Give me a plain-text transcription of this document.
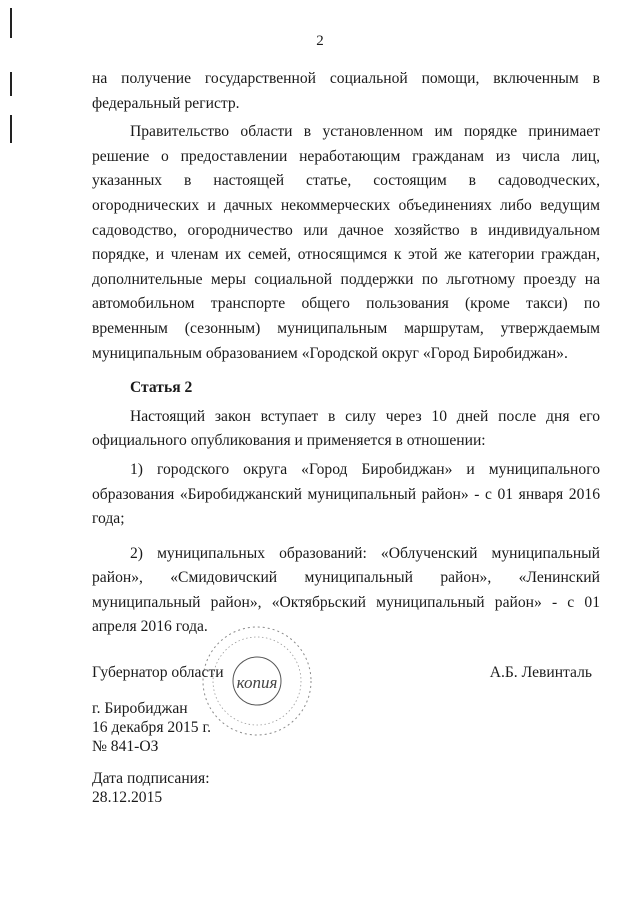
2

на получение государственной социальной помощи, включенным в федеральный регистр.

Правительство области в установленном им порядке принимает решение о предоставлении неработающим гражданам из числа лиц, указанных в настоящей статье, состоящим в садоводческих, огороднических и дачных некоммерческих объединениях либо ведущим садоводство, огородничество или дачное хозяйство в индивидуальном порядке, и членам их семей, относящимся к этой же категории граждан, дополнительные меры социальной поддержки по льготному проезду на автомобильном транспорте общего пользования (кроме такси) по временным (сезонным) муниципальным маршрутам, утверждаемым муниципальным образованием «Городской округ «Город Биробиджан».

Статья 2

Настоящий закон вступает в силу через 10 дней после дня его официального опубликования и применяется в отношении:

1) городского округа «Город Биробиджан» и муниципального образования «Биробиджанский муниципальный район» - с 01 января 2016 года;

2) муниципальных образований: «Облученский муниципальный район», «Смидовичский муниципальный район», «Ленинский муниципальный район», «Октябрьский муниципальный район» - с 01 апреля 2016 года.

копия
Губернатор области	А.Б. Левинталь
г. Биробиджан
16 декабря 2015 г.
№ 841-ОЗ
Дата подписания:
28.12.2015
